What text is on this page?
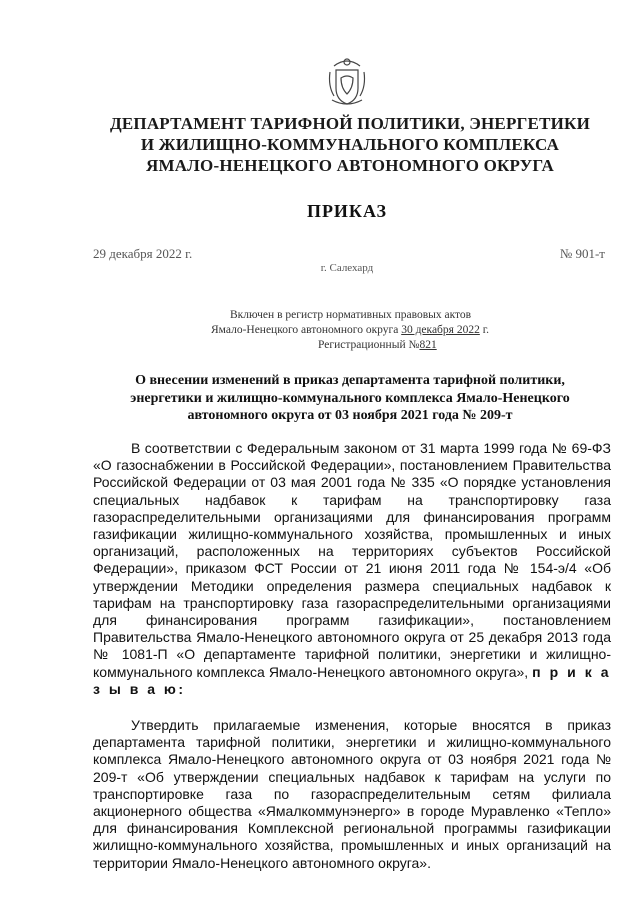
ДЕПАРТАМЕНТ ТАРИФНОЙ ПОЛИТИКИ, ЭНЕРГЕТИКИ
И ЖИЛИЩНО-КОММУНАЛЬНОГО КОМПЛЕКСА
ЯМАЛО-НЕНЕЦКОГО АВТОНОМНОГО ОКРУГА
ПРИКАЗ
29 декабря 2022 г.	№ 901-т
г. Салехард
Включен в регистр нормативных правовых актов
Ямало-Ненецкого автономного округа 30 декабря 2022 г.
Регистрационный №821
О внесении изменений в приказ департамента тарифной политики,
энергетики и жилищно-коммунального комплекса Ямало-Ненецкого
автономного округа от 03 ноября 2021 года № 209-т
В соответствии с Федеральным законом от 31 марта 1999 года № 69-ФЗ «О газоснабжении в Российской Федерации», постановлением Правительства Российской Федерации от 03 мая 2001 года № 335 «О порядке установления специальных надбавок к тарифам на транспортировку газа газораспределительными организациями для финансирования программ газификации жилищно-коммунального хозяйства, промышленных и иных организаций, расположенных на территориях субъектов Российской Федерации», приказом ФСТ России от 21 июня 2011 года № 154-э/4 «Об утверждении Методики определения размера специальных надбавок к тарифам на транспортировку газа газораспределительными организациями для финансирования программ газификации», постановлением Правительства Ямало-Ненецкого автономного округа от 25 декабря 2013 года № 1081-П «О департаменте тарифной политики, энергетики и жилищно-коммунального комплекса Ямало-Ненецкого автономного округа», п р и к а з ы в а ю:
Утвердить прилагаемые изменения, которые вносятся в приказ департамента тарифной политики, энергетики и жилищно-коммунального комплекса Ямало-Ненецкого автономного округа от 03 ноября 2021 года № 209-т «Об утверждении специальных надбавок к тарифам на услуги по транспортировке газа по газораспределительным сетям филиала акционерного общества «Ямалкоммунэнерго» в городе Муравленко «Тепло» для финансирования Комплексной региональной программы газификации жилищно-коммунального хозяйства, промышленных и иных организаций на территории Ямало-Ненецкого автономного округа».
